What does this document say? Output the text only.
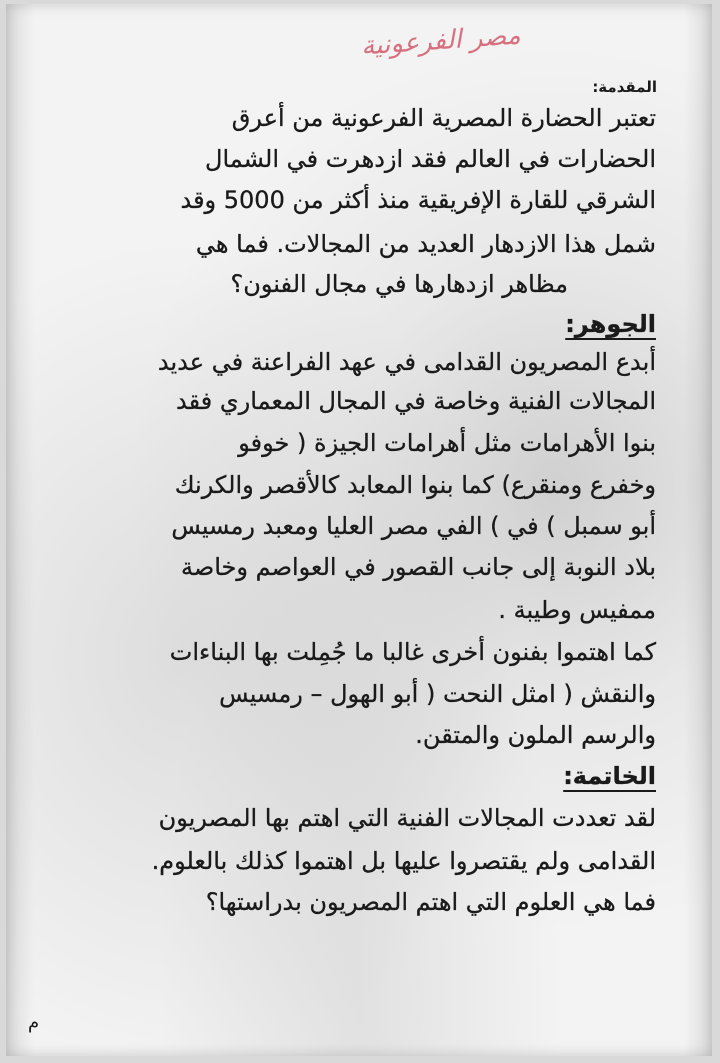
مصر الفرعونية
المقدمة:
تعتبر الحضارة المصرية الفرعونية من أعرق
الحضارات في العالم فقد ازدهرت في الشمال
الشرقي للقارة الإفريقية منذ أكثر من 5000 وقد
شمل هذا الازدهار العديد من المجالات. فما هي
مظاهر ازدهارها في مجال الفنون؟
الجوهر:
أبدع المصريون القدامى في عهد الفراعنة في عديد
المجالات الفنية وخاصة في المجال المعماري فقد
بنوا الأهرامات مثل أهرامات الجيزة ( خوفو
وخفرع ومنقرع) كما بنوا المعابد كالأقصر والكرنك
أبو سمبل ) في ) الفي مصر العليا ومعبد رمسيس
بلاد النوبة إلى جانب القصور في العواصم وخاصة
ممفيس وطيبة .
كما اهتموا بفنون أخرى غالبا ما جُمِلت بها البناءات
والنقش ( امثل النحت ( أبو الهول – رمسيس
والرسم الملون والمتقن.
الخاتمة:
لقد تعددت المجالات الفنية التي اهتم بها المصريون
القدامى ولم يقتصروا عليها بل اهتموا كذلك بالعلوم.
فما هي العلوم التي اهتم المصريون بدراستها؟
م
